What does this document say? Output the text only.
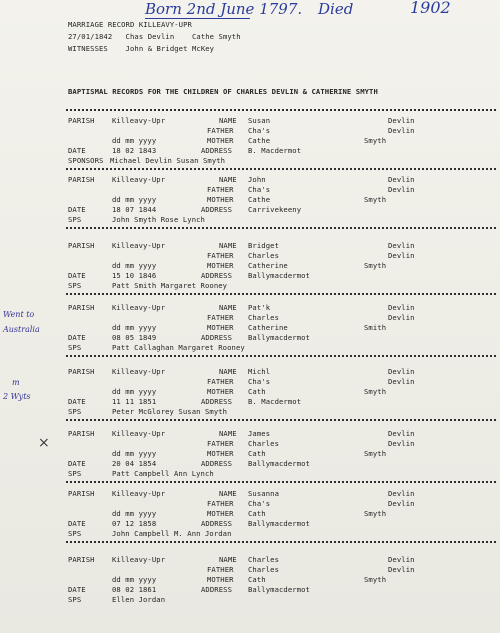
Born 2nd June 1797. Died	1902
MARRIAGE RECORD KILLEAVY-UPR
27/01/1842   Chas Devlin    Cathe Smyth
WITNESSES    John & Bridget McKey
BAPTISMAL RECORDS FOR THE CHILDREN OF CHARLES DEVLIN & CATHERINE SMYTH
PARISH Killeavy-Upr	NAME Susan	Devlin
FATHER Cha's	Devlin
dd mm yyyy	MOTHER Cathe	Smyth
DATE	18 02 1843	ADDRESS B. Macdermot
SPONSORS Michael Devlin Susan Smyth
PARISH Killeavy-Upr	NAME John	Devlin
FATHER Cha's	Devlin
dd mm yyyy	MOTHER Cathe	Smyth
DATE	18 07 1844	ADDRESS Carrivekeeny
SPS	John Smyth Rose Lynch
PARISH Killeavy-Upr	NAME Bridget	Devlin
FATHER Charles	Devlin
dd mm yyyy	MOTHER Catherine	Smyth
DATE	15 10 1846	ADDRESS Ballymacdermot
SPS	Patt Smith Margaret Rooney
PARISH Killeavy-Upr	NAME Pat'k	Devlin
FATHER Charles	Devlin
dd mm yyyy	MOTHER Catherine	Smith
DATE	08 05 1849	ADDRESS Ballymacdermot
SPS	Patt Callaghan Margaret Rooney
PARISH Killeavy-Upr	NAME Michl	Devlin
FATHER Cha's	Devlin
dd mm yyyy	MOTHER Cath	Smyth
DATE	11 11 1851	ADDRESS B. Macdermot
SPS	Peter McGlorey Susan Smyth
PARISH Killeavy-Upr	NAME James	Devlin
FATHER Charles	Devlin
dd mm yyyy	MOTHER Cath	Smyth
DATE	20 04 1854	ADDRESS Ballymacdermot
SPS	Patt Campbell Ann Lynch
PARISH Killeavy-Upr	NAME Susanna	Devlin
FATHER Cha's	Devlin
dd mm yyyy	MOTHER Cath	Smyth
DATE	07 12 1858	ADDRESS Ballymacdermot
SPS	John Campbell M. Ann Jordan
PARISH Killeavy-Upr	NAME Charles	Devlin
FATHER Charles	Devlin
dd mm yyyy	MOTHER Cath	Smyth
DATE	08 02 1861	ADDRESS Ballymacdermot
SPS	Ellen Jordan
Went to
Australia
m
2 Wyts
×
